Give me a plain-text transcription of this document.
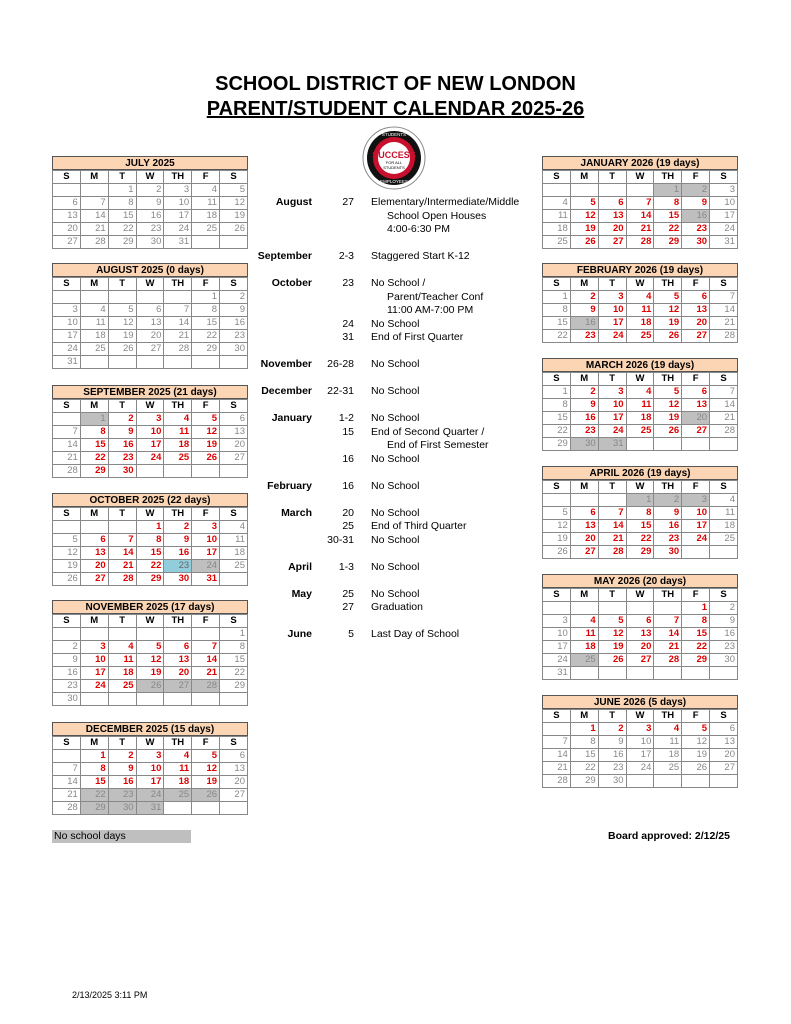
SCHOOL DISTRICT OF NEW LONDON
PARENT/STUDENT CALENDAR 2025-26
STUDENTS
SUCCESS
FOR ALL
STUDENTS
EMPLOYEES
JULY 2025
S	M	T	W	TH	F	S
		1	2	3	4	5
6	7	8	9	10	11	12
13	14	15	16	17	18	19
20	21	22	23	24	25	26
27	28	29	30	31		
AUGUST 2025 (0 days)
S	M	T	W	TH	F	S
					1	2
3	4	5	6	7	8	9
10	11	12	13	14	15	16
17	18	19	20	21	22	23
24	25	26	27	28	29	30
31						
SEPTEMBER 2025 (21 days)
S	M	T	W	TH	F	S
	1	2	3	4	5	6
7	8	9	10	11	12	13
14	15	16	17	18	19	20
21	22	23	24	25	26	27
28	29	30				
OCTOBER 2025 (22 days)
S	M	T	W	TH	F	S
			1	2	3	4
5	6	7	8	9	10	11
12	13	14	15	16	17	18
19	20	21	22	23	24	25
26	27	28	29	30	31	
NOVEMBER 2025 (17 days)
S	M	T	W	TH	F	S
						1
2	3	4	5	6	7	8
9	10	11	12	13	14	15
16	17	18	19	20	21	22
23	24	25	26	27	28	29
30						
DECEMBER 2025 (15 days)
S	M	T	W	TH	F	S
	1	2	3	4	5	6
7	8	9	10	11	12	13
14	15	16	17	18	19	20
21	22	23	24	25	26	27
28	29	30	31			
JANUARY 2026 (19 days)
S	M	T	W	TH	F	S
				1	2	3
4	5	6	7	8	9	10
11	12	13	14	15	16	17
18	19	20	21	22	23	24
25	26	27	28	29	30	31
FEBRUARY 2026 (19 days)
S	M	T	W	TH	F	S
1	2	3	4	5	6	7
8	9	10	11	12	13	14
15	16	17	18	19	20	21
22	23	24	25	26	27	28
MARCH 2026 (19 days)
S	M	T	W	TH	F	S
1	2	3	4	5	6	7
8	9	10	11	12	13	14
15	16	17	18	19	20	21
22	23	24	25	26	27	28
29	30	31				
APRIL 2026 (19 days)
S	M	T	W	TH	F	S
			1	2	3	4
5	6	7	8	9	10	11
12	13	14	15	16	17	18
19	20	21	22	23	24	25
26	27	28	29	30		
MAY 2026 (20 days)
S	M	T	W	TH	F	S
					1	2
3	4	5	6	7	8	9
10	11	12	13	14	15	16
17	18	19	20	21	22	23
24	25	26	27	28	29	30
31						
JUNE 2026 (5 days)
S	M	T	W	TH	F	S
	1	2	3	4	5	6
7	8	9	10	11	12	13
14	15	16	17	18	19	20
21	22	23	24	25	26	27
28	29	30				
August	27 Elementary/Intermediate/Middle
School Open Houses
4:00-6:30 PM
September	2-3 Staggered Start K-12
October	23 No School /
Parent/Teacher Conf
11:00 AM-7:00 PM
24 No School
31 End of First Quarter
November	26-28 No School
December	22-31 No School
January	1-2 No School
15 End of Second Quarter /
End of First Semester
16 No School
February	16 No School
March	20 No School
25 End of Third Quarter
30-31 No School
April	1-3 No School
May	25 No School
27 Graduation
June	5 Last Day of School
No school days	Board approved: 2/12/25
2/13/2025 3:11 PM
